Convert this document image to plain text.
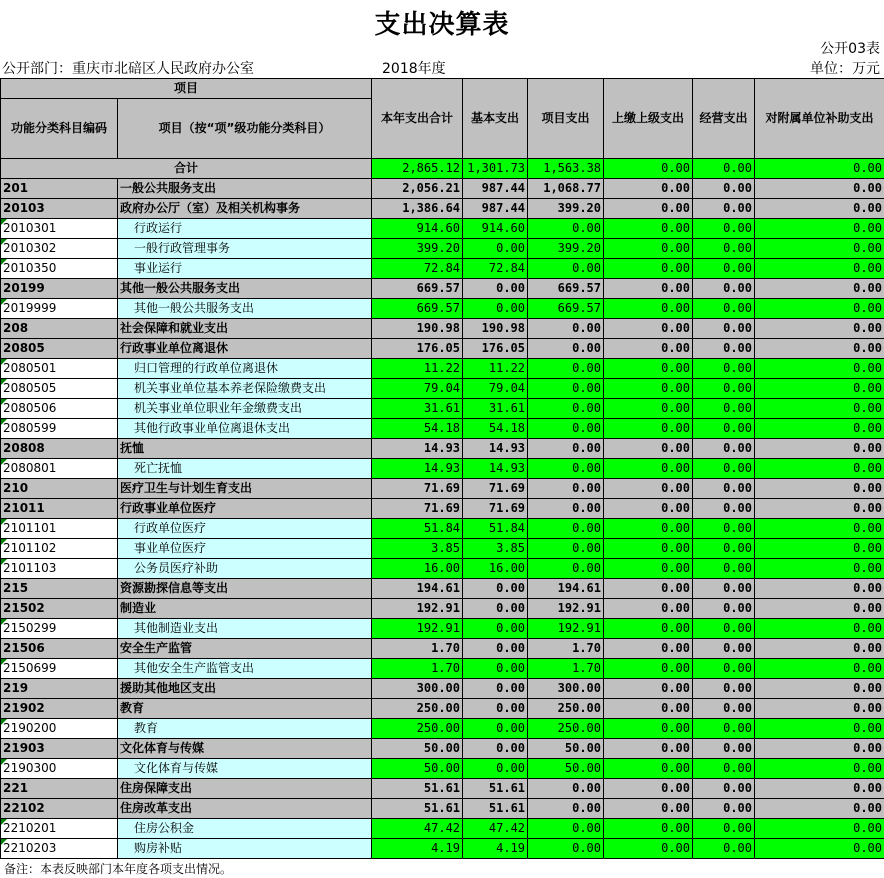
支出决算表
公开03表
公开部门：重庆市北碚区人民政府办公室	2018年度	单位：万元
项目		本年支出合计	基本支出	项目支出	上缴上级支出	经营支出	对附属单位补助支出
功能分类科目编码	项目（按“项”级功能分类科目）						

合计		2,865.12	1,301.73	1,563.38	0.00	0.00	0.00
201	一般公共服务支出	2,056.21	987.44	1,068.77	0.00	0.00	0.00
20103	政府办公厅（室）及相关机构事务	1,386.64	987.44	399.20	0.00	0.00	0.00
2010301	行政运行	914.60	914.60	0.00	0.00	0.00	0.00
2010302	一般行政管理事务	399.20	0.00	399.20	0.00	0.00	0.00
2010350	事业运行	72.84	72.84	0.00	0.00	0.00	0.00
20199	其他一般公共服务支出	669.57	0.00	669.57	0.00	0.00	0.00
2019999	其他一般公共服务支出	669.57	0.00	669.57	0.00	0.00	0.00
208	社会保障和就业支出	190.98	190.98	0.00	0.00	0.00	0.00
20805	行政事业单位离退休	176.05	176.05	0.00	0.00	0.00	0.00
2080501	归口管理的行政单位离退休	11.22	11.22	0.00	0.00	0.00	0.00
2080505	机关事业单位基本养老保险缴费支出	79.04	79.04	0.00	0.00	0.00	0.00
2080506	机关事业单位职业年金缴费支出	31.61	31.61	0.00	0.00	0.00	0.00
2080599	其他行政事业单位离退休支出	54.18	54.18	0.00	0.00	0.00	0.00
20808	抚恤	14.93	14.93	0.00	0.00	0.00	0.00
2080801	死亡抚恤	14.93	14.93	0.00	0.00	0.00	0.00
210	医疗卫生与计划生育支出	71.69	71.69	0.00	0.00	0.00	0.00
21011	行政事业单位医疗	71.69	71.69	0.00	0.00	0.00	0.00
2101101	行政单位医疗	51.84	51.84	0.00	0.00	0.00	0.00
2101102	事业单位医疗	3.85	3.85	0.00	0.00	0.00	0.00
2101103	公务员医疗补助	16.00	16.00	0.00	0.00	0.00	0.00
215	资源勘探信息等支出	194.61	0.00	194.61	0.00	0.00	0.00
21502	制造业	192.91	0.00	192.91	0.00	0.00	0.00
2150299	其他制造业支出	192.91	0.00	192.91	0.00	0.00	0.00
21506	安全生产监管	1.70	0.00	1.70	0.00	0.00	0.00
2150699	其他安全生产监管支出	1.70	0.00	1.70	0.00	0.00	0.00
219	援助其他地区支出	300.00	0.00	300.00	0.00	0.00	0.00
21902	教育	250.00	0.00	250.00	0.00	0.00	0.00
2190200	教育	250.00	0.00	250.00	0.00	0.00	0.00
21903	文化体育与传媒	50.00	0.00	50.00	0.00	0.00	0.00
2190300	文化体育与传媒	50.00	0.00	50.00	0.00	0.00	0.00
221	住房保障支出	51.61	51.61	0.00	0.00	0.00	0.00
22102	住房改革支出	51.61	51.61	0.00	0.00	0.00	0.00
2210201	住房公积金	47.42	47.42	0.00	0.00	0.00	0.00
2210203	购房补贴	4.19	4.19	0.00	0.00	0.00	0.00
备注：本表反映部门本年度各项支出情况。
